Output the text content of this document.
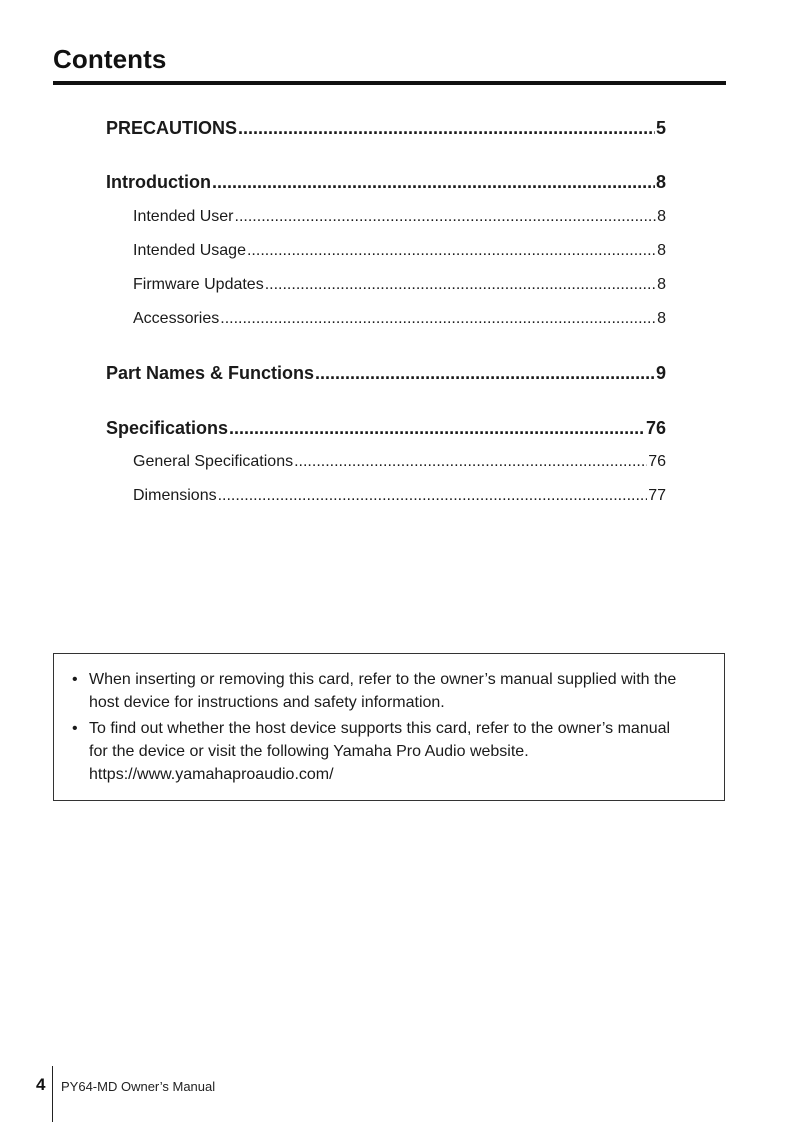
Contents
PRECAUTIONS .....	5
Introduction .....	8
Intended User .....	8
Intended Usage .....	8
Firmware Updates .....	8
Accessories .....	8
Part Names & Functions .....	9
Specifications .....	76
General Specifications .....	76
Dimensions .....	77
• When inserting or removing this card, refer to the owner’s manual supplied with the
host device for instructions and safety information.
• To find out whether the host device supports this card, refer to the owner’s manual
for the device or visit the following Yamaha Pro Audio website.
https://www.yamahaproaudio.com/
4 PY64-MD Owner’s Manual
